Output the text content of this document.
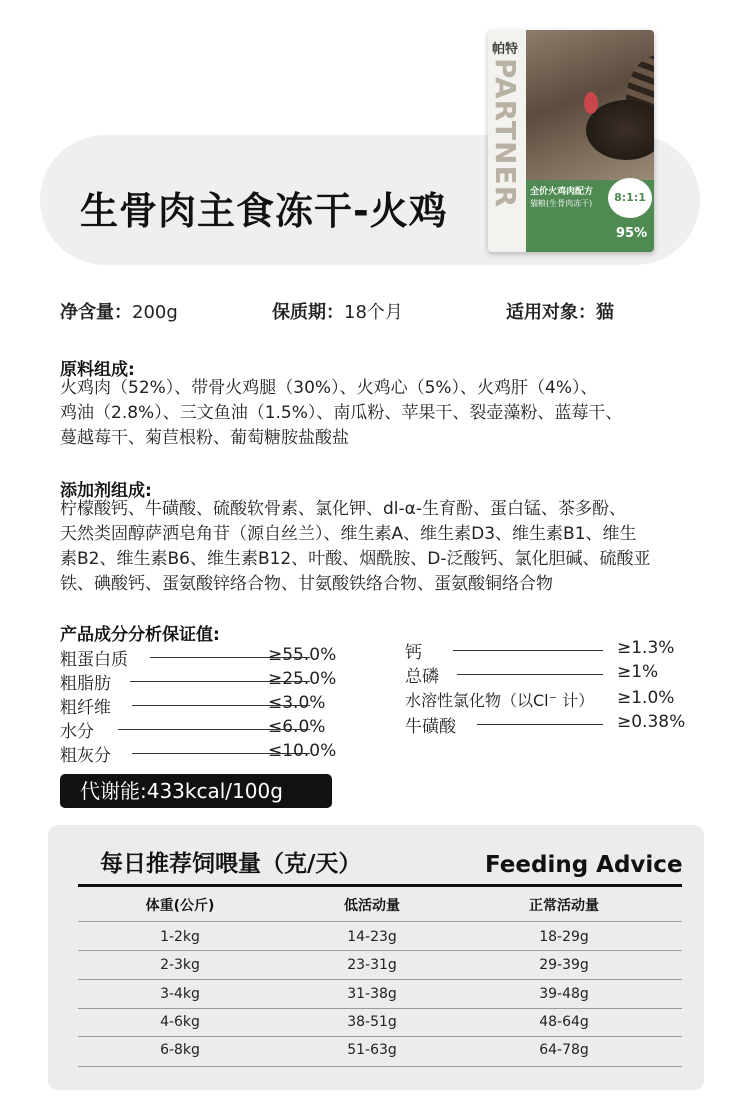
生骨肉主食冻干-火鸡
帕特
PARTNER 全价火鸡肉配方
猫粮(生骨肉冻干)	8:1:1
95%
净含量：200g	保质期：18个月	适用对象：猫
原料组成:
火鸡肉（52%）、带骨火鸡腿（30%）、火鸡心（5%）、火鸡肝（4%）、
鸡油（2.8%）、三文鱼油（1.5%）、南瓜粉、苹果干、裂壶藻粉、蓝莓干、
蔓越莓干、菊苣根粉、葡萄糖胺盐酸盐
添加剂组成:
柠檬酸钙、牛磺酸、硫酸软骨素、氯化钾、dl-α-生育酚、蛋白锰、茶多酚、
天然类固醇萨洒皂角苷（源自丝兰）、维生素A、维生素D3、维生素B1、维生
素B2、维生素B6、维生素B12、叶酸、烟酰胺、D-泛酸钙、氯化胆碱、硫酸亚
铁、碘酸钙、蛋氨酸锌络合物、甘氨酸铁络合物、蛋氨酸铜络合物
产品成分分析保证值:
粗蛋白质	≥55.0%
粗脂肪	≥25.0%
粗纤维	≤3.0%
水分	≤6.0%
粗灰分	≤10.0%
钙	≥1.3%
总磷	≥1%
水溶性氯化物（以Cl⁻ 计） ≥1.0%
牛磺酸	≥0.38%
代谢能:433kcal/100g
每日推荐饲喂量（克/天）	Feeding Advice
体重(公斤)	低活动量	正常活动量
1-2kg	14-23g	18-29g
2-3kg	23-31g	29-39g
3-4kg	31-38g	39-48g
4-6kg	38-51g	48-64g
6-8kg	51-63g	64-78g
